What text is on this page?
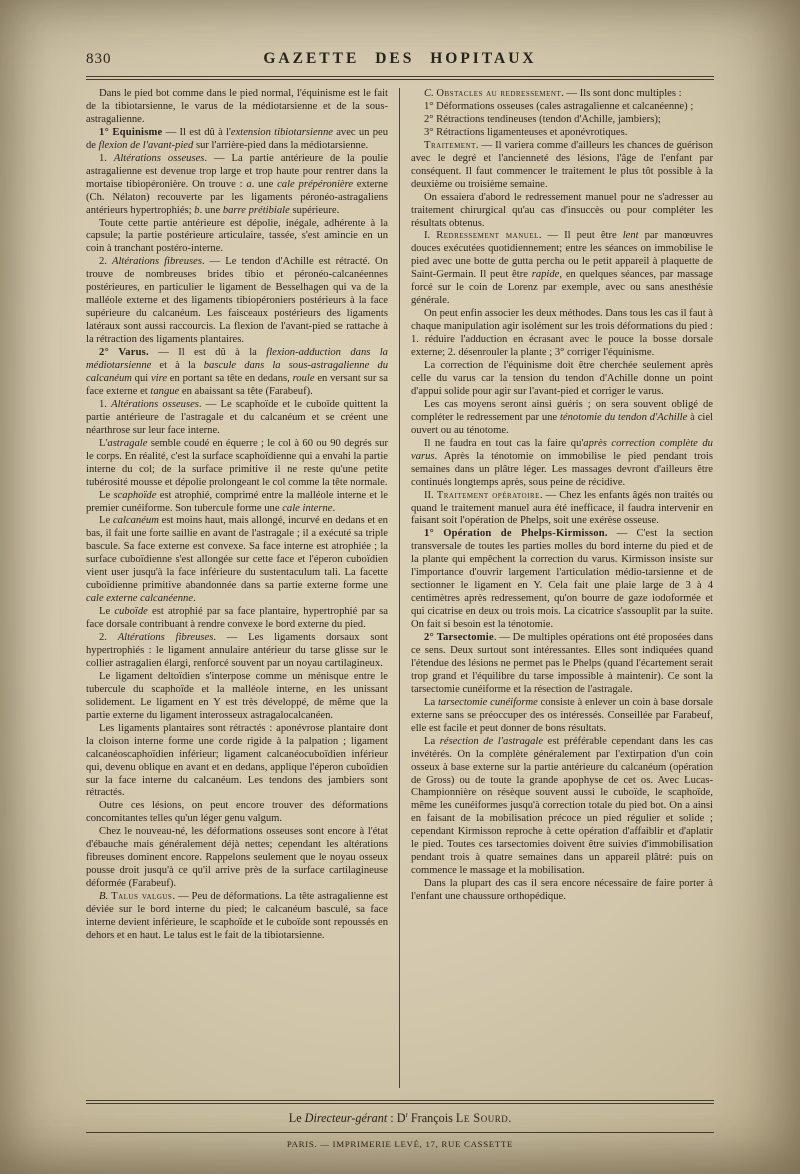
830	GAZETTE DES HOPITAUX

Dans le pied bot comme dans le pied normal, l'équinisme est le fait de la tibiotarsienne, le varus de la médiotarsienne et de la sous-astragalienne.

1° Equinisme — Il est dû à l'extension tibiotarsienne avec un peu de flexion de l'avant-pied sur l'arrière-pied dans la médiotarsienne.

1. Altérations osseuses. — La partie antérieure de la poulie astragalienne est devenue trop large et trop haute pour rentrer dans la mortaise tibiopéronière. On trouve : a. une cale prépéronière externe (Ch. Nélaton) recouverte par les ligaments péronéo-astragaliens antérieurs hypertrophiés; b. une barre prétibiale supérieure.

Toute cette partie antérieure est dépolie, inégale, adhérente à la capsule; la partie postérieure articulaire, tassée, s'est amincie en un coin à tranchant postéro-interne.

2. Altérations fibreuses. — Le tendon d'Achille est rétracté. On trouve de nombreuses brides tibio et péronéo-calcanéennes postérieures, en particulier le ligament de Besselhagen qui va de la malléole externe et des ligaments tibiopéroniers postérieurs à la face supérieure du calcanéum. Les faisceaux postérieurs des ligaments latéraux sont aussi raccourcis. La flexion de l'avant-pied se rattache à la rétraction des ligaments plantaires.

2° Varus. — Il est dû à la flexion-adduction dans la médiotarsienne et à la bascule dans la sous-astragalienne du calcanéum qui vire en portant sa tête en dedans, roule en versant sur sa face externe et tangue en abaissant sa tête (Farabeuf).

1. Altérations osseuses. — Le scaphoïde et le cuboïde quittent la partie antérieure de l'astragale et du calcanéum et se créent une néarthrose sur leur face interne.

L'astragale semble coudé en équerre ; le col à 60 ou 90 degrés sur le corps. En réalité, c'est la surface scaphoïdienne qui a envahi la partie interne du col; de la surface primitive il ne reste qu'une petite tubérosité mousse et dépolie prolongeant le col comme la tête normale.

Le scaphoïde est atrophié, comprimé entre la malléole interne et le premier cunéiforme. Son tubercule forme une cale interne.

Le calcanéum est moins haut, mais allongé, incurvé en dedans et en bas, il fait une forte saillie en avant de l'astragale ; il a exécuté sa triple bascule. Sa face externe est convexe. Sa face interne est atrophiée ; la surface cuboïdienne s'est allongée sur cette face et l'éperon cuboïdien vient user jusqu'à la face inférieure du sustentaculum tali. La facette cuboïdienne primitive abandonnée dans sa partie externe forme une cale externe calcanéenne.

Le cuboïde est atrophié par sa face plantaire, hypertrophié par sa face dorsale contribuant à rendre convexe le bord externe du pied.

2. Altérations fibreuses. — Les ligaments dorsaux sont hypertrophiés : le ligament annulaire antérieur du tarse glisse sur le collier astragalien élargi, renforcé souvent par un noyau cartilagineux.

Le ligament deltoïdien s'interpose comme un ménisque entre le tubercule du scaphoïde et la malléole interne, en les unissant solidement. Le ligament en Y est très développé, de même que la partie externe du ligament interosseux astragalocalcanéen.

Les ligaments plantaires sont rétractés : aponévrose plantaire dont la cloison interne forme une corde rigide à la palpation ; ligament calcanéoscaphoïdien inférieur; ligament calcanéocuboïdien inférieur qui, devenu oblique en avant et en dedans, applique l'éperon cuboïdien sur la face interne du calcanéum. Les tendons des jambiers sont rétractés.

Outre ces lésions, on peut encore trouver des déformations concomitantes telles qu'un léger genu valgum.

Chez le nouveau-né, les déformations osseuses sont encore à l'état d'ébauche mais généralement déjà nettes; cependant les altérations fibreuses dominent encore. Rappelons seulement que le noyau osseux pousse droit jusqu'à ce qu'il arrive près de la surface cartilagineuse déformée (Farabeuf).

B. Talus valgus. — Peu de déformations. La tête astragalienne est déviée sur le bord interne du pied; le calcanéum basculé, sa face interne devient inférieure, le scaphoïde et le cuboïde sont repoussés en dehors et en haut. Le talus est le fait de la tibiotarsienne.

C. Obstacles au redressement. — Ils sont donc multiples :

1° Déformations osseuses (cales astragalienne et calcanéenne) ;

2° Rétractions tendineuses (tendon d'Achille, jambiers);

3° Rétractions ligamenteuses et aponévrotiques.

Traitement. — Il variera comme d'ailleurs les chances de guérison avec le degré et l'ancienneté des lésions, l'âge de l'enfant par conséquent. Il faut commencer le traitement le plus tôt possible à la deuxième ou troisième semaine.

On essaiera d'abord le redressement manuel pour ne s'adresser au traitement chirurgical qu'au cas d'insuccès ou pour compléter les résultats obtenus.

I. Redressement manuel. — Il peut être lent par manœuvres douces exécutées quotidiennement; entre les séances on immobilise le pied avec une botte de gutta percha ou le petit appareil à plaquette de Saint-Germain. Il peut être rapide, en quelques séances, par massage forcé sur le coin de Lorenz par exemple, avec ou sans anesthésie générale.

On peut enfin associer les deux méthodes. Dans tous les cas il faut à chaque manipulation agir isolément sur les trois déformations du pied : 1. réduire l'adduction en écrasant avec le pouce la bosse dorsale externe; 2. désenrouler la plante ; 3° corriger l'équinisme.

La correction de l'équinisme doit être cherchée seulement après celle du varus car la tension du tendon d'Achille donne un point d'appui solide pour agir sur l'avant-pied et corriger le varus.

Les cas moyens seront ainsi guéris ; on sera souvent obligé de compléter le redressement par une ténotomie du tendon d'Achille à ciel ouvert ou au ténotome.

Il ne faudra en tout cas la faire qu'après correction complète du varus. Après la ténotomie on immobilise le pied pendant trois semaines dans un plâtre léger. Les massages devront d'ailleurs être continués longtemps après, sous peine de récidive.

II. Traitement opératoire. — Chez les enfants âgés non traités ou quand le traitement manuel aura été inefficace, il faudra intervenir en faisant soit l'opération de Phelps, soit une exérèse osseuse.

1° Opération de Phelps-Kirmisson. — C'est la section transversale de toutes les parties molles du bord interne du pied et de la plante qui empêchent la correction du varus. Kirmisson insiste sur l'importance d'ouvrir largement l'articulation médio-tarsienne et de sectionner le ligament en Y. Cela fait une plaie large de 3 à 4 centimètres après redressement, qu'on bourre de gaze iodoformée et qui cicatrise en deux ou trois mois. La cicatrice s'assouplit par la suite. On fait si besoin est la ténotomie.

2° Tarsectomie. — De multiples opérations ont été proposées dans ce sens. Deux surtout sont intéressantes. Elles sont indiquées quand l'étendue des lésions ne permet pas le Phelps (quand l'écartement serait trop grand et l'équilibre du tarse impossible à maintenir). Ce sont la tarsectomie cunéiforme et la résection de l'astragale.

La tarsectomie cunéiforme consiste à enlever un coin à base dorsale externe sans se préoccuper des os intéressés. Conseillée par Farabeuf, elle est facile et peut donner de bons résultats.

La résection de l'astragale est préférable cependant dans les cas invétérés. On la complète généralement par l'extirpation d'un coin osseux à base externe sur la partie antérieure du calcanéum (opération de Gross) ou de toute la grande apophyse de cet os. Avec Lucas-Championnière on résèque souvent aussi le cuboïde, le scaphoïde, même les cunéiformes jusqu'à correction totale du pied bot. On a ainsi en faisant de la mobilisation précoce un pied régulier et solide ; cependant Kirmisson reproche à cette opération d'affaiblir et d'aplatir le pied. Toutes ces tarsectomies doivent être suivies d'immobilisation pendant trois à quatre semaines dans un appareil plâtré: puis on commence le massage et la mobilisation.

Dans la plupart des cas il sera encore nécessaire de faire porter à l'enfant une chaussure orthopédique.

Le Directeur-gérant : $D^r$ François Le Sourd.
PARIS. — IMPRIMERIE LEVÉ, 17, RUE CASSETTE
